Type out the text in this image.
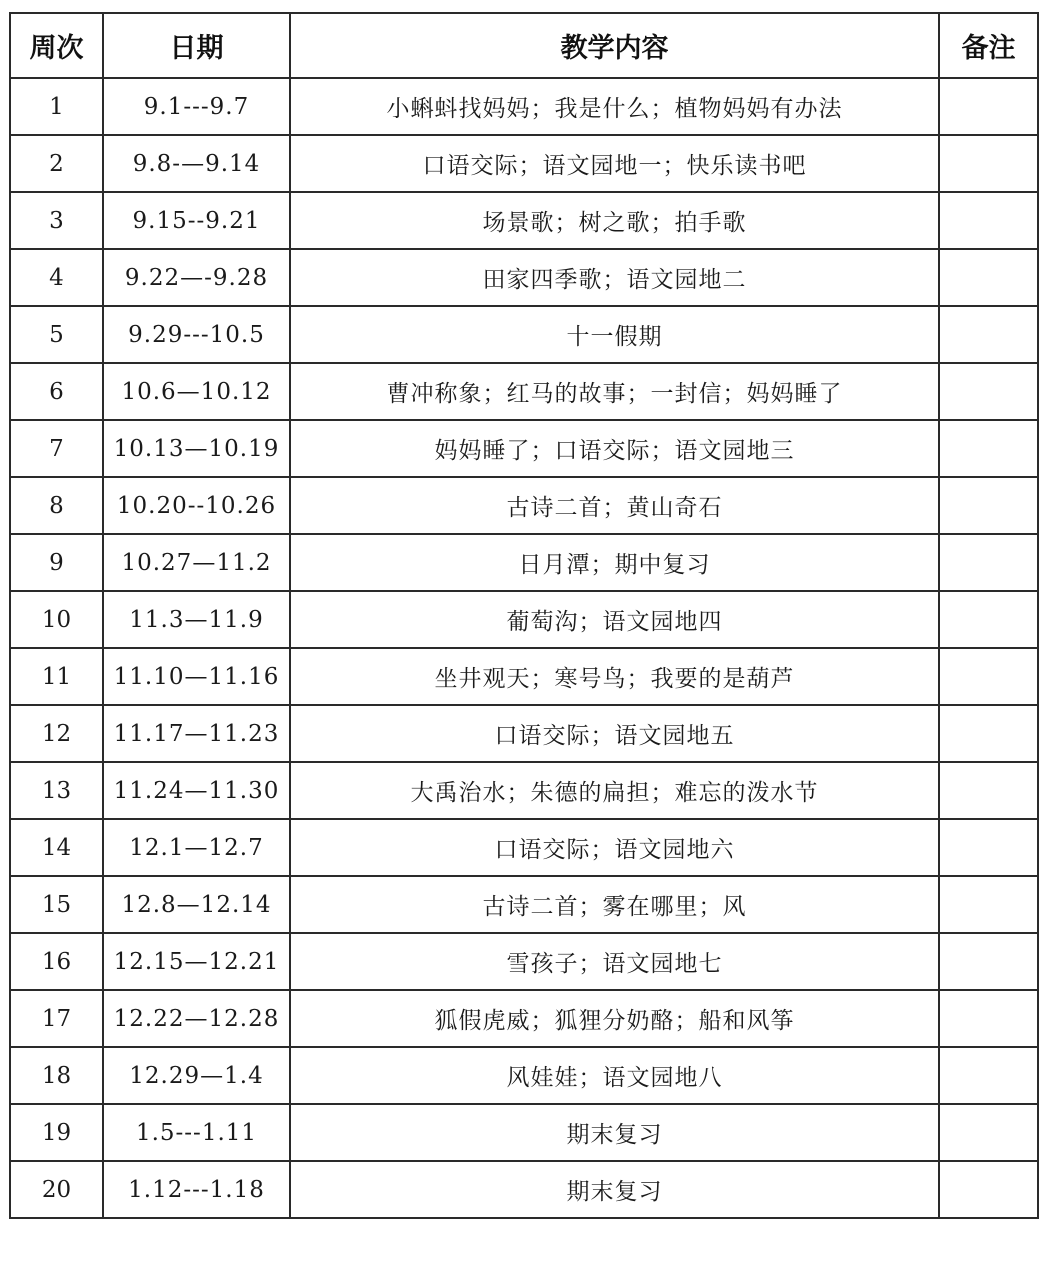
周次	日期	教学内容	备注
1	9.1---9.7	小蝌蚪找妈妈；我是什么；植物妈妈有办法	
2	9.8-—9.14	口语交际；语文园地一；快乐读书吧	
3	9.15--9.21	场景歌；树之歌；拍手歌	
4	9.22—-9.28	田家四季歌；语文园地二	
5	9.29---10.5	十一假期	
6	10.6—10.12	曹冲称象；红马的故事；一封信；妈妈睡了	
7	10.13—10.19	妈妈睡了；口语交际；语文园地三	
8	10.20--10.26	古诗二首；黄山奇石	
9	10.27—11.2	日月潭；期中复习	
10	11.3—11.9	葡萄沟；语文园地四	
11	11.10—11.16	坐井观天；寒号鸟；我要的是葫芦	
12	11.17—11.23	口语交际；语文园地五	
13	11.24—11.30	大禹治水；朱德的扁担；难忘的泼水节	
14	12.1—12.7	口语交际；语文园地六	
15	12.8—12.14	古诗二首；雾在哪里；风	
16	12.15—12.21	雪孩子；语文园地七	
17	12.22—12.28	狐假虎威；狐狸分奶酪；船和风筝	
18	12.29—1.4	风娃娃；语文园地八	
19	1.5---1.11	期末复习	
20	1.12---1.18	期末复习	
